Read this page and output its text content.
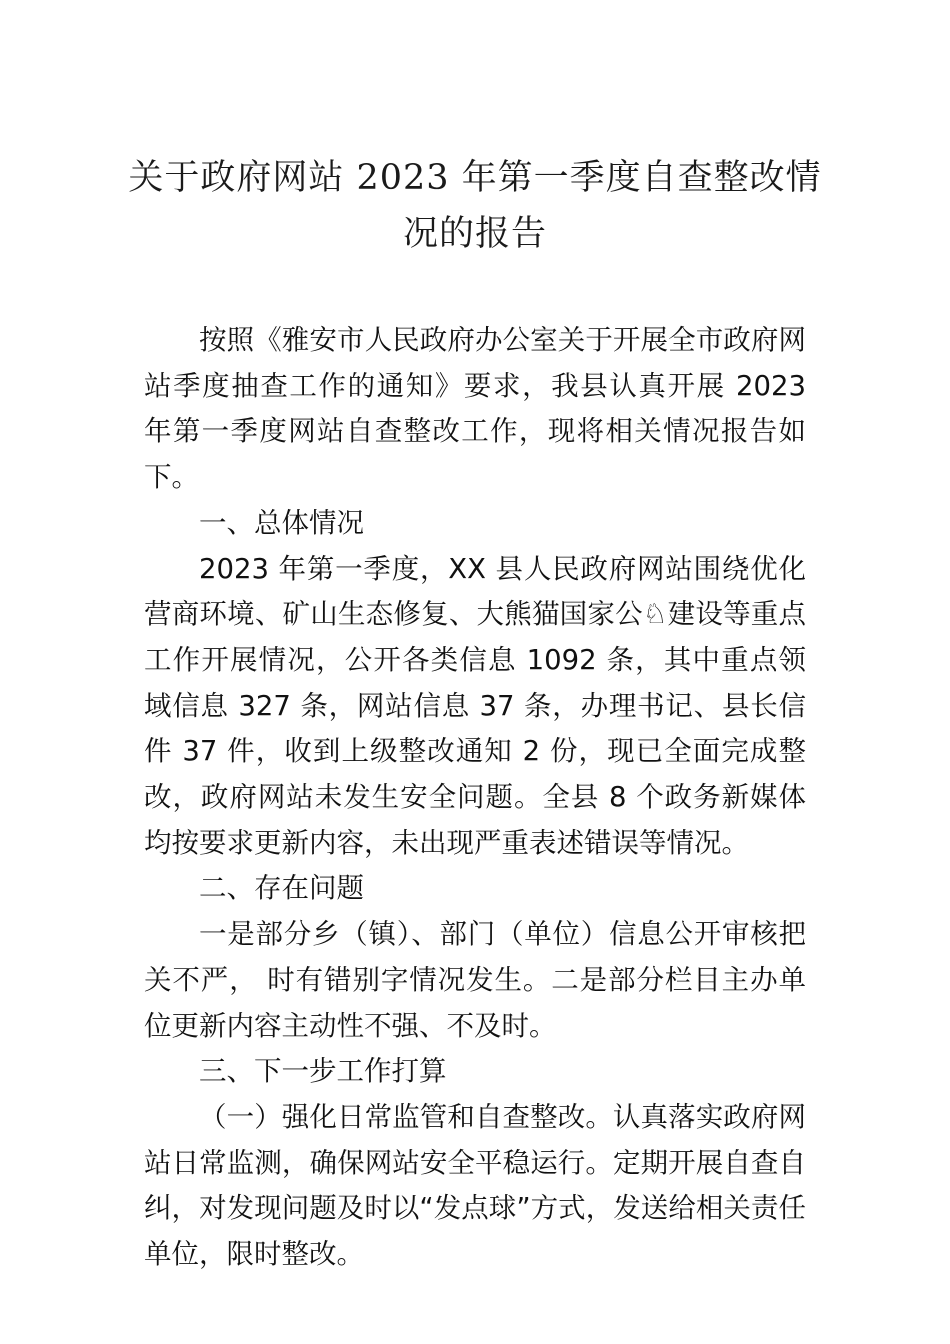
关于政府网站 2023 年第一季度自查整改情
况的报告

按照《雅安市人民政府办公室关于开展全市政府网站季度抽查工作的通知》要求，我县认真开展 2023 年第一季度网站自查整改工作，现将相关情况报告如下。

一、总体情况

2023 年第一季度，XX 县人民政府网站围绕优化营商环境、矿山生态修复、大熊猫国家公♘建设等重点工作开展情况，公开各类信息 1092 条，其中重点领域信息 327 条，网站信息 37 条，办理书记、县长信件 37 件，收到上级整改通知 2 份，现已全面完成整改，政府网站未发生安全问题。全县 8 个政务新媒体均按要求更新内容，未出现严重表述错误等情况。

二、存在问题

一是部分乡（镇）、部门（单位）信息公开审核把关不严， 时有错别字情况发生。二是部分栏目主办单位更新内容主动性不强、不及时。

三、下一步工作打算

（一）强化日常监管和自查整改。认真落实政府网站日常监测，确保网站安全平稳运行。定期开展自查自纠，对发现问题及时以“发点球”方式，发送给相关责任单位，限时整改。
